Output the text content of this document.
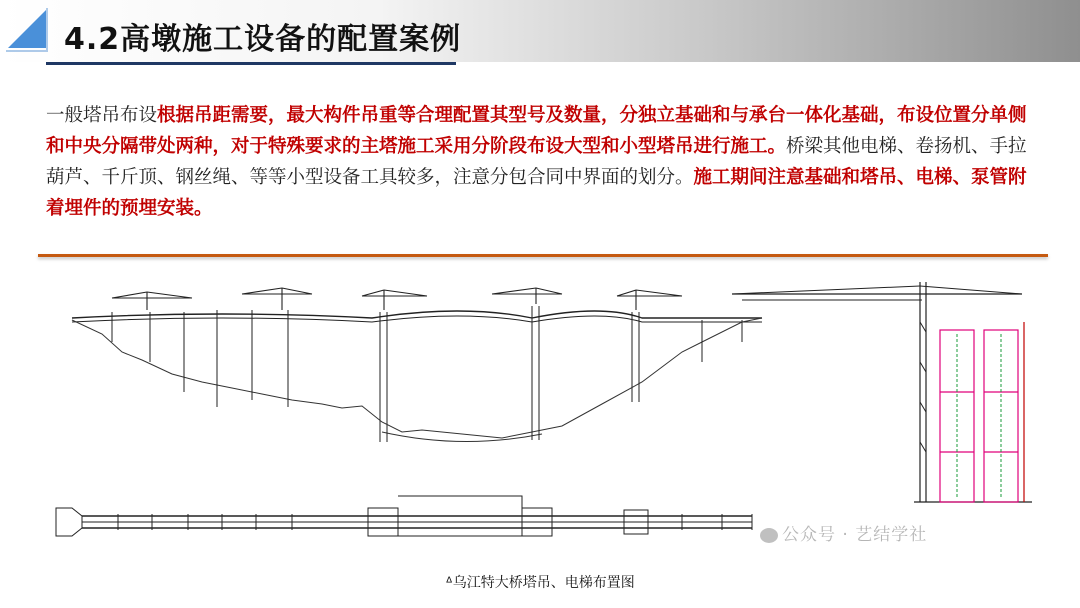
4.2高墩施工设备的配置案例
一般塔吊布设根据吊距需要，最大构件吊重等合理配置其型号及数量，分独立基础和与承台一体化基础，布设位置分单侧和中央分隔带处两种，对于特殊要求的主塔施工采用分阶段布设大型和小型塔吊进行施工。桥梁其他电梯、卷扬机、手拉葫芦、千斤顶、钢丝绳、等等小型设备工具较多，注意分包合同中界面的划分。施工期间注意基础和塔吊、电梯、泵管附着埋件的预埋安装。
公众号 · 艺结学社
ᐞ乌江特大桥塔吊、电梯布置图
